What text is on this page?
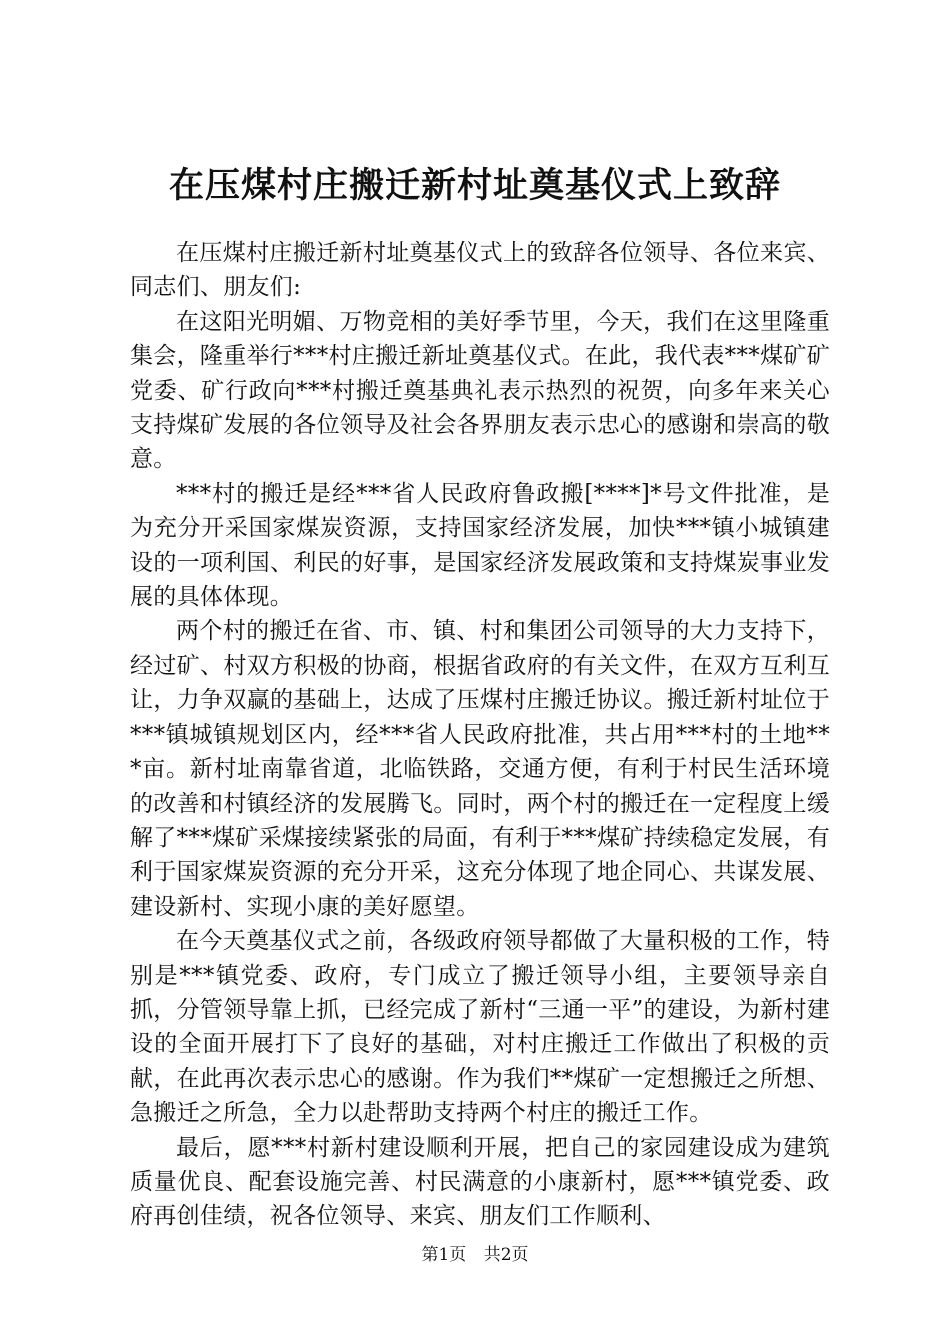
在压煤村庄搬迁新村址奠基仪式上致辞

在压煤村庄搬迁新村址奠基仪式上的致辞各位领导、各位来宾、同志们、朋友们:

在这阳光明媚、万物竞相的美好季节里，今天，我们在这里隆重集会，隆重举行***村庄搬迁新址奠基仪式。在此，我代表***煤矿矿党委、矿行政向***村搬迁奠基典礼表示热烈的祝贺，向多年来关心支持煤矿发展的各位领导及社会各界朋友表示忠心的感谢和崇高的敬意。

***村的搬迁是经***省人民政府鲁政搬[****]*号文件批准，是为充分开采国家煤炭资源，支持国家经济发展，加快***镇小城镇建设的一项利国、利民的好事，是国家经济发展政策和支持煤炭事业发展的具体体现。

两个村的搬迁在省、市、镇、村和集团公司领导的大力支持下，经过矿、村双方积极的协商，根据省政府的有关文件，在双方互利互让，力争双赢的基础上，达成了压煤村庄搬迁协议。搬迁新村址位于***镇城镇规划区内，经***省人民政府批准，共占用***村的土地***亩。新村址南靠省道，北临铁路，交通方便，有利于村民生活环境的改善和村镇经济的发展腾飞。同时，两个村的搬迁在一定程度上缓解了***煤矿采煤接续紧张的局面，有利于***煤矿持续稳定发展，有利于国家煤炭资源的充分开采，这充分体现了地企同心、共谋发展、建设新村、实现小康的美好愿望。

在今天奠基仪式之前，各级政府领导都做了大量积极的工作，特别是***镇党委、政府，专门成立了搬迁领导小组，主要领导亲自抓，分管领导靠上抓，已经完成了新村“三通一平”的建设，为新村建设的全面开展打下了良好的基础，对村庄搬迁工作做出了积极的贡献，在此再次表示忠心的感谢。作为我们**煤矿一定想搬迁之所想、急搬迁之所急，全力以赴帮助支持两个村庄的搬迁工作。

最后，愿***村新村建设顺利开展，把自己的家园建设成为建筑质量优良、配套设施完善、村民满意的小康新村，愿***镇党委、政府再创佳绩，祝各位领导、来宾、朋友们工作顺利、

第1页 共2页
